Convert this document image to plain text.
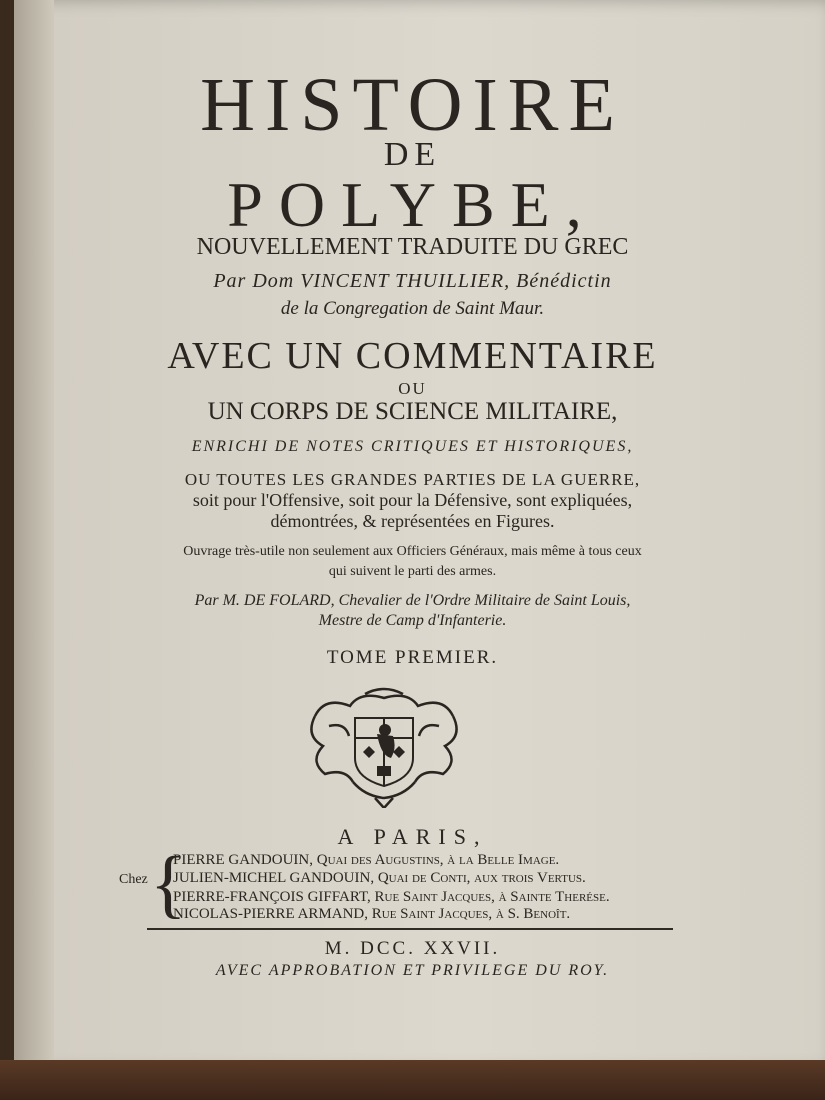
HISTOIRE
DE
POLYBE,
NOUVELLEMENT TRADUITE DU GREC
Par Dom VINCENT THUILLIER, Bénédictin
de la Congregation de Saint Maur.
AVEC UN COMMENTAIRE
OU
UN CORPS DE SCIENCE MILITAIRE,
ENRICHI DE NOTES CRITIQUES ET HISTORIQUES,
OU TOUTES LES GRANDES PARTIES DE LA GUERRE,
soit pour l'Offensive, soit pour la Défensive, sont expliquées,
démontrées, & représentées en Figures.
Ouvrage très-utile non seulement aux Officiers Généraux, mais même à tous ceux
qui suivent le parti des armes.
Par M. DE FOLARD, Chevalier de l'Ordre Militaire de Saint Louis,
Mestre de Camp d'Infanterie.
TOME PREMIER.
A PARIS,
Chez {
PIERRE GANDOUIN, Quai des Augustins, à la Belle Image.
JULIEN-MICHEL GANDOUIN, Quai de Conti, aux trois Vertus.
PIERRE-FRANÇOIS GIFFART, Rue Saint Jacques, à Sainte Therése.
NICOLAS-PIERRE ARMAND, Rue Saint Jacques, à S. Benoît.
M. DCC. XXVII.
AVEC APPROBATION ET PRIVILEGE DU ROY.
